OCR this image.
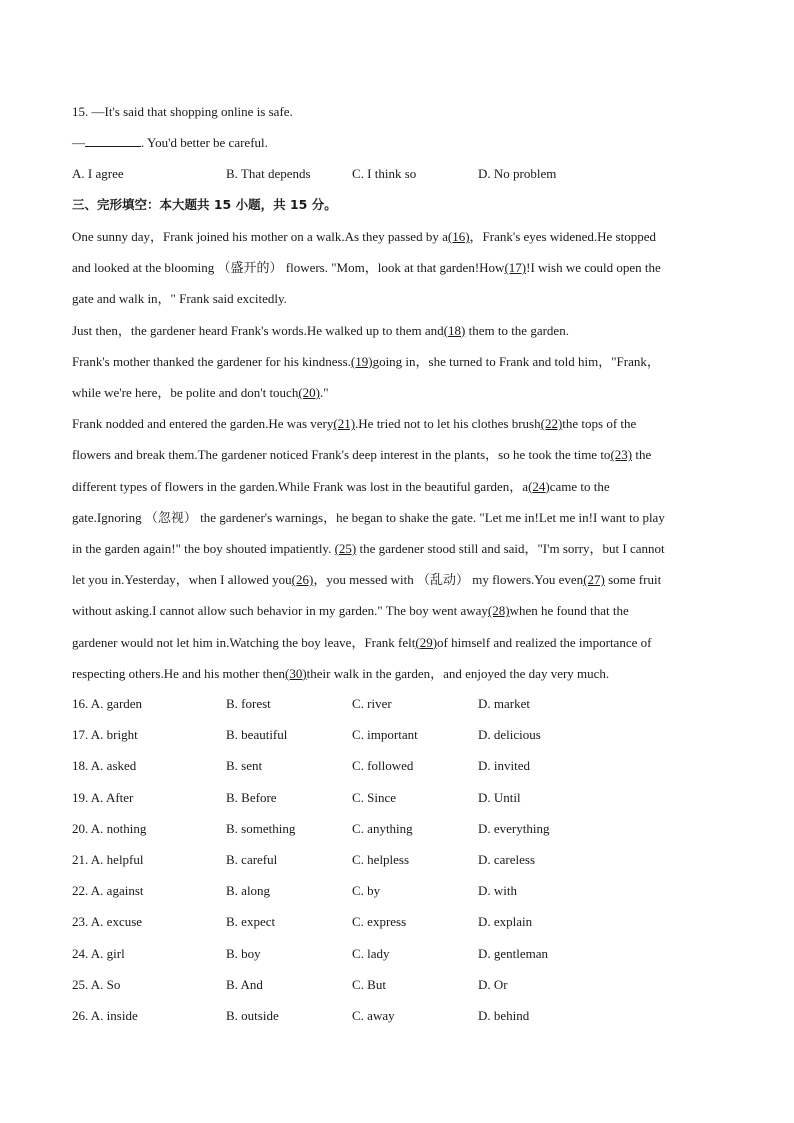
15. —It's said that shopping online is safe.
—	. You'd better be careful.
A. I agree	B. That depends	C. I think so	D. No problem
三、完形填空：本大题共 15 小题，共 15 分。
One sunny day，Frank joined his mother on a walk.As they passed by a(16)，Frank's eyes widened.He stopped
and looked at the blooming （盛开的） flowers. "Mom，look at that garden!How(17)!I wish we could open the
gate and walk in，" Frank said excitedly.
Just then，the gardener heard Frank's words.He walked up to them and(18) them to the garden.
Frank's mother thanked the gardener for his kindness.(19)going in，she turned to Frank and told him，"Frank，
while we're here，be polite and don't touch(20)."
Frank nodded and entered the garden.He was very(21).He tried not to let his clothes brush(22)the tops of the
flowers and break them.The gardener noticed Frank's deep interest in the plants，so he took the time to(23) the
different types of flowers in the garden.While Frank was lost in the beautiful garden，a(24)came to the
gate.Ignoring （忽视） the gardener's warnings，he began to shake the gate. "Let me in!Let me in!I want to play
in the garden again!" the boy shouted impatiently. (25) the gardener stood still and said，"I'm sorry，but I cannot
let you in.Yesterday，when I allowed you(26)，you messed with （乱动） my flowers.You even(27) some fruit
without asking.I cannot allow such behavior in my garden." The boy went away(28)when he found that the
gardener would not let him in.Watching the boy leave，Frank felt(29)of himself and realized the importance of
respecting others.He and his mother then(30)their walk in the garden，and enjoyed the day very much.
16. A. garden	B. forest	C. river	D. market
17. A. bright	B. beautiful	C. important	D. delicious
18. A. asked	B. sent	C. followed	D. invited
19. A. After	B. Before	C. Since	D. Until
20. A. nothing	B. something	C. anything	D. everything
21. A. helpful	B. careful	C. helpless	D. careless
22. A. against	B. along	C. by	D. with
23. A. excuse	B. expect	C. express	D. explain
24. A. girl	B. boy	C. lady	D. gentleman
25. A. So	B. And	C. But	D. Or
26. A. inside	B. outside	C. away	D. behind
